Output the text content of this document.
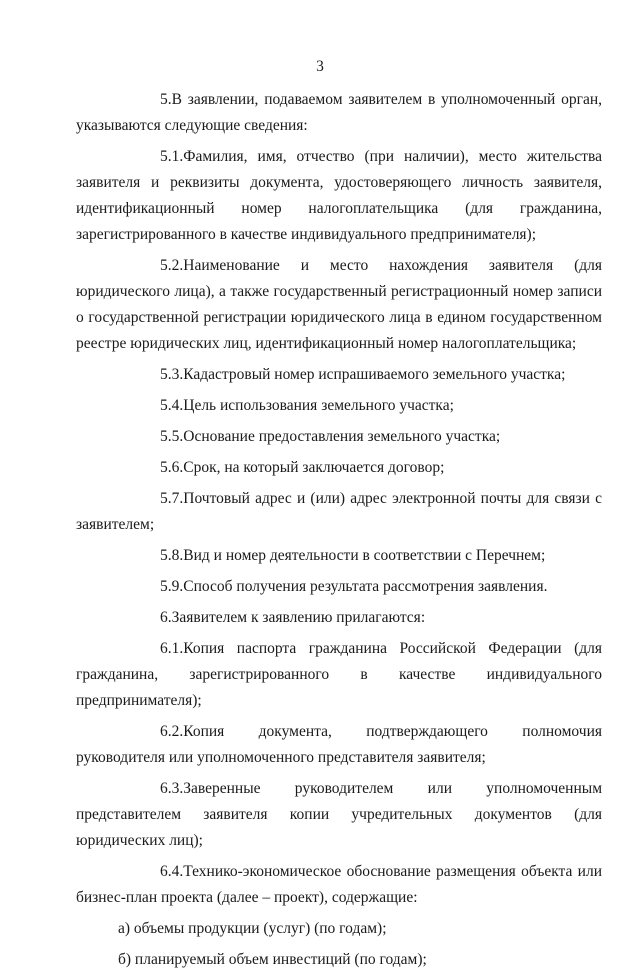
3

5.В заявлении, подаваемом заявителем в уполномоченный орган, указываются следующие сведения:

5.1.Фамилия, имя, отчество (при наличии), место жительства заявителя и реквизиты документа, удостоверяющего личность заявителя, идентификационный номер налогоплательщика (для гражданина, зарегистрированного в качестве индивидуального предпринимателя);

5.2.Наименование и место нахождения заявителя (для юридического лица), а также государственный регистрационный номер записи о государственной регистрации юридического лица в едином государственном реестре юридических лиц, идентификационный номер налогоплательщика;

5.3.Кадастровый номер испрашиваемого земельного участка;

5.4.Цель использования земельного участка;

5.5.Основание предоставления земельного участка;

5.6.Срок, на который заключается договор;

5.7.Почтовый адрес и (или) адрес электронной почты для связи с заявителем;

5.8.Вид и номер деятельности в соответствии с Перечнем;

5.9.Способ получения результата рассмотрения заявления.

6.Заявителем к заявлению прилагаются:

6.1.Копия паспорта гражданина Российской Федерации (для гражданина, зарегистрированного в качестве индивидуального предпринимателя);

6.2.Копия документа, подтверждающего полномочия руководителя или уполномоченного представителя заявителя;

6.3.Заверенные руководителем или уполномоченным представителем заявителя копии учредительных документов (для юридических лиц);

6.4.Технико-экономическое обоснование размещения объекта или бизнес-план проекта (далее – проект), содержащие:

а) объемы продукции (услуг) (по годам);

б) планируемый объем инвестиций (по годам);
